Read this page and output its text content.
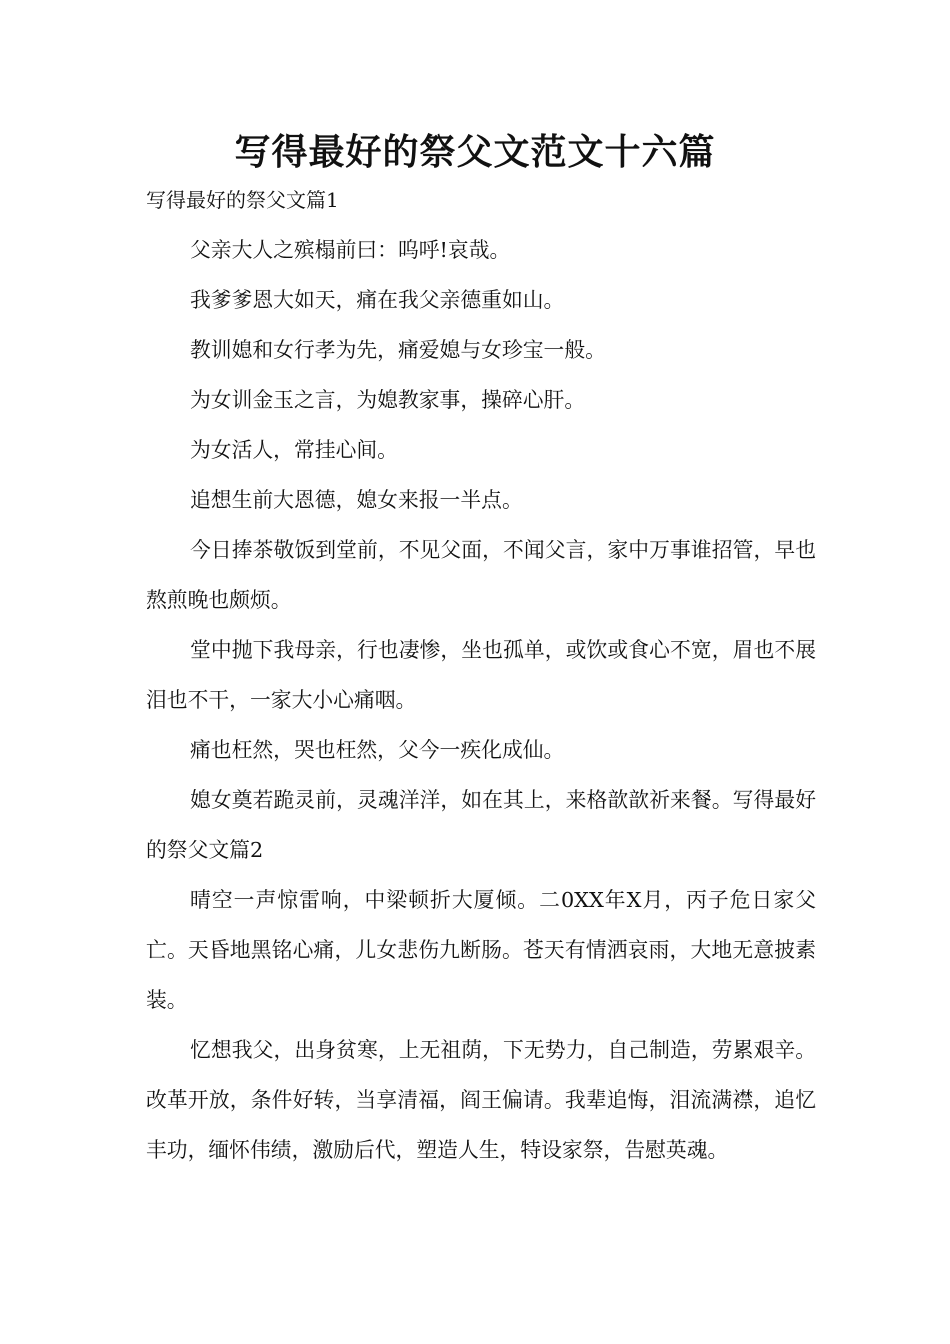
写得最好的祭父文范文十六篇
写得最好的祭父文篇1

父亲大人之殡榻前曰：呜呼!哀哉。

我爹爹恩大如天，痛在我父亲德重如山。

教训媳和女行孝为先，痛爱媳与女珍宝一般。

为女训金玉之言，为媳教家事，操碎心肝。

为女活人，常挂心间。

追想生前大恩德，媳女来报一半点。

今日捧茶敬饭到堂前，不见父面，不闻父言，家中万事谁招管，早也熬煎晚也颇烦。

堂中抛下我母亲，行也凄惨，坐也孤单，或饮或食心不宽，眉也不展泪也不干，一家大小心痛咽。

痛也枉然，哭也枉然，父今一疾化成仙。

媳女奠若跪灵前，灵魂洋洋，如在其上，来格歆歆祈来餐。写得最好的祭父文篇2

晴空一声惊雷响，中梁顿折大厦倾。二0XX年X月，丙子危日家父亡。天昏地黑铭心痛，儿女悲伤九断肠。苍天有情洒哀雨，大地无意披素装。

忆想我父，出身贫寒，上无祖荫，下无势力，自己制造，劳累艰辛。改革开放，条件好转，当享清福，阎王偏请。我辈追悔，泪流满襟，追忆丰功，缅怀伟绩，激励后代，塑造人生，特设家祭，告慰英魂。
